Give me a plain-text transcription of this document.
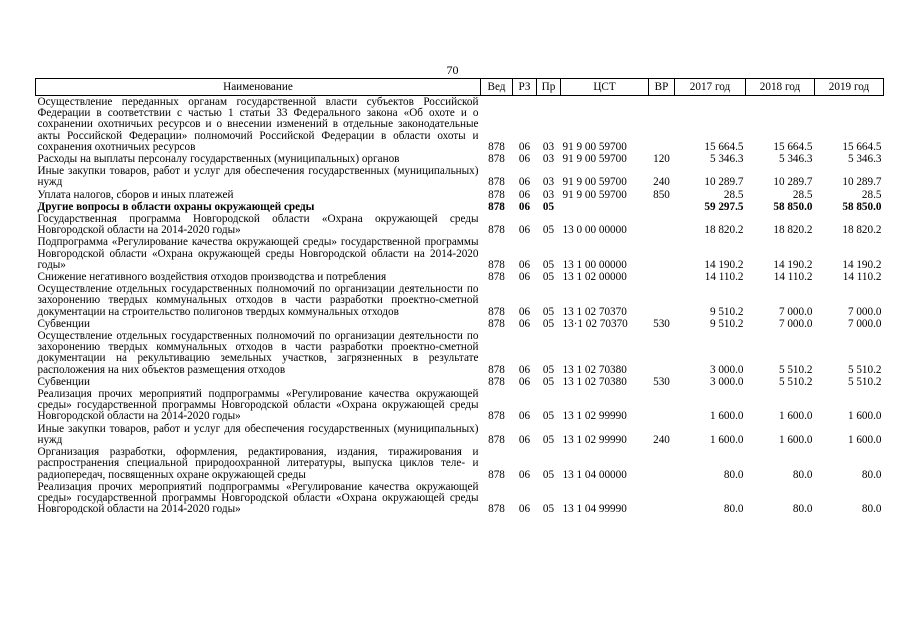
70
Наименование	Вед	РЗ	Пр	ЦСТ	ВР	2017 год	2018 год	2019 год
Осуществление переданных органам государственной власти субъектов Российской Федерации в соответствии с частью 1 статьи 33 Федерального закона «Об охоте и о сохранении охотничьих ресурсов и о внесении изменений в отдельные законодательные акты Российской Федерации» полномочий Российской Федерации в области охоты и сохранения охотничьих ресурсов	878	06	03	91 9 00 59700		15 664.5	15 664.5	15 664.5
Расходы на выплаты персоналу государственных (муниципальных) органов	878	06	03	91 9 00 59700	120	5 346.3	5 346.3	5 346.3
Иные закупки товаров, работ и услуг для обеспечения государственных (муниципальных) нужд	878	06	03	91 9 00 59700	240	10 289.7	10 289.7	10 289.7
Уплата налогов, сборов и иных платежей	878	06	03	91 9 00 59700	850	28.5	28.5	28.5
Другие вопросы в области охраны окружающей среды	878	06	05			59 297.5	58 850.0	58 850.0
Государственная программа Новгородской области «Охрана окружающей среды Новгородской области на 2014-2020 годы»	878	06	05	13 0 00 00000		18 820.2	18 820.2	18 820.2
Подпрограмма «Регулирование качества окружающей среды» государственной программы Новгородской области «Охрана окружающей среды Новгородской области на 2014-2020 годы»	878	06	05	13 1 00 00000		14 190.2	14 190.2	14 190.2
Снижение негативного воздействия отходов производства и потребления	878	06	05	13 1 02 00000		14 110.2	14 110.2	14 110.2
Осуществление отдельных государственных полномочий по организации деятельности по захоронению твердых коммунальных отходов в части разработки проектно-сметной документации на строительство полигонов твердых коммунальных отходов	878	06	05	13 1 02 70370		9 510.2	7 000.0	7 000.0
Субвенции	878	06	05	13·1 02 70370	530	9 510.2	7 000.0	7 000.0
Осуществление отдельных государственных полномочий по организации деятельности по захоронению твердых коммунальных отходов в части разработки проектно-сметной документации на рекультивацию земельных участков, загрязненных в результате расположения на них объектов размещения отходов	878	06	05	13 1 02 70380		3 000.0	5 510.2	5 510.2
Субвенции	878	06	05	13 1 02 70380	530	3 000.0	5 510.2	5 510.2
Реализация прочих мероприятий подпрограммы «Регулирование качества окружающей среды» государственной программы Новгородской области «Охрана окружающей среды Новгородской области на 2014-2020 годы»	878	06	05	13 1 02 99990		1 600.0	1 600.0	1 600.0
Иные закупки товаров, работ и услуг для обеспечения государственных (муниципальных) нужд	878	06	05	13 1 02 99990	240	1 600.0	1 600.0	1 600.0
Организация разработки, оформления, редактирования, издания, тиражирования и распространения специальной природоохранной литературы, выпуска циклов теле- и радиопередач, посвященных охране окружающей среды	878	06	05	13 1 04 00000		80.0	80.0	80.0
Реализация прочих мероприятий подпрограммы «Регулирование качества окружающей среды» государственной программы Новгородской области «Охрана окружающей среды Новгородской области на 2014-2020 годы»	878	06	05	13 1 04 99990		80.0	80.0	80.0
